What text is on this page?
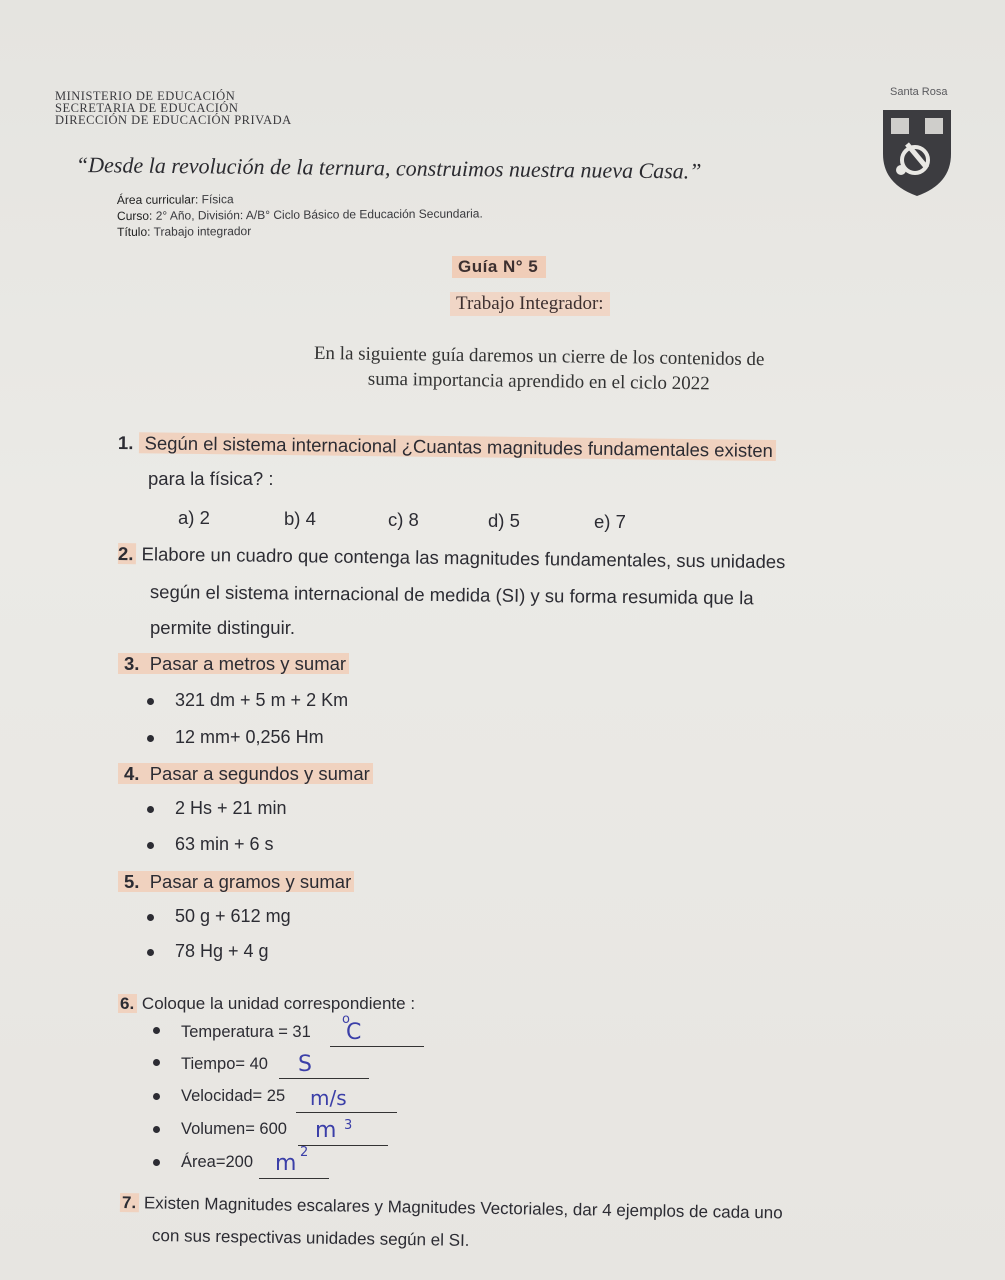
MINISTERIO DE EDUCACIÓN
SECRETARIA DE EDUCACIÓN
DIRECCIÓN DE EDUCACIÓN PRIVADA
Santa Rosa
“Desde la revolución de la ternura, construimos nuestra nueva Casa.”
Área curricular: Física
Curso: 2° Año, División: A/B° Ciclo Básico de Educación Secundaria.
Título: Trabajo integrador
Guía N° 5
Trabajo Integrador:
En la siguiente guía daremos un cierre de los contenidos de
suma importancia aprendido en el ciclo 2022
1. Según el sistema internacional ¿Cuantas magnitudes fundamentales existen
para la física? :
a) 2	b) 4	c) 8	d) 5	e) 7
2. Elabore un cuadro que contenga las magnitudes fundamentales, sus unidades
según el sistema internacional de medida (SI) y su forma resumida que la
permite distinguir.
3. Pasar a metros y sumar
321 dm + 5 m + 2 Km
12 mm+ 0,256 Hm
4. Pasar a segundos y sumar
2 Hs + 21 min
63 min + 6 s
5. Pasar a gramos y sumar
50 g + 612 mg
78 Hg + 4 g
6. Coloque la unidad correspondiente :
Temperatura = 31 C
o
Tiempo= 40 S
Velocidad= 25 m/s
Volumen= 600 m 3
Área=200 m 2
7. Existen Magnitudes escalares y Magnitudes Vectoriales, dar 4 ejemplos de cada uno
con sus respectivas unidades según el SI.
